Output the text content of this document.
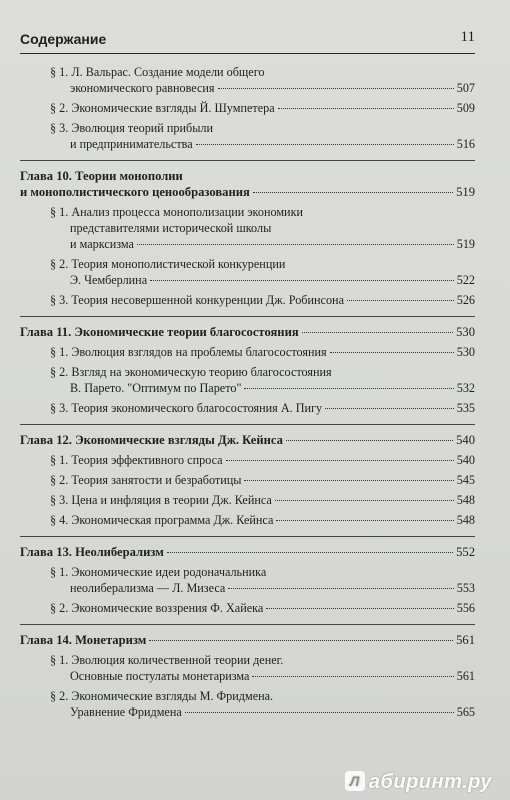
Содержание	11
§ 1. Л. Вальрас. Создание модели общего
экономического равновесия	507
§ 2. Экономические взгляды Й. Шумпетера	509
§ 3. Эволюция теорий прибыли
и предпринимательства	516
Глава 10. Теории монополии
и монополистического ценообразования	519
§ 1. Анализ процесса монополизации экономики
представителями исторической школы
и марксизма	519
§ 2. Теория монополистической конкуренции
Э. Чемберлина	522
§ 3. Теория несовершенной конкуренции Дж. Робинсона	526
Глава 11. Экономические теории благосостояния	530
§ 1. Эволюция взглядов на проблемы благосостояния	530
§ 2. Взгляд на экономическую теорию благосостояния
В. Парето. "Оптимум по Парето"	532
§ 3. Теория экономического благосостояния А. Пигу	535
Глава 12. Экономические взгляды Дж. Кейнса	540
§ 1. Теория эффективного спроса	540
§ 2. Теория занятости и безработицы	545
§ 3. Цена и инфляция в теории Дж. Кейнса	548
§ 4. Экономическая программа Дж. Кейнса	548
Глава 13. Неолиберализм	552
§ 1. Экономические идеи родоначальника
неолиберализма — Л. Мизеса	553
§ 2. Экономические воззрения Ф. Хайека	556
Глава 14. Монетаризм	561
§ 1. Эволюция количественной теории денег.
Основные постулаты монетаризма	561
§ 2. Экономические взгляды М. Фридмена.
Уравнение Фридмена	565
Л абиринт.ру
